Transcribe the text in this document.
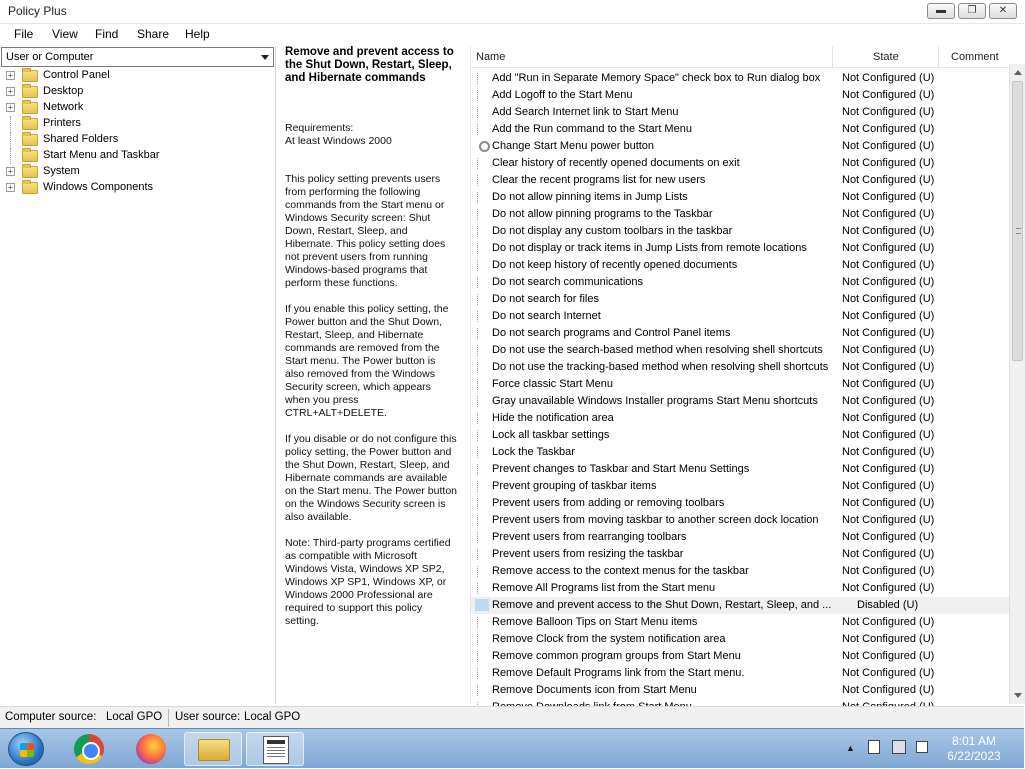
Policy Plus	▬	❐	✕
File View Find Share Help
User or Computer
+	Control Panel
+	Desktop
+	Network
Printers
Shared Folders
Start Menu and Taskbar
+	System
+	Windows Components
Remove and prevent access to the Shut Down, Restart, Sleep, and Hibernate commands
Requirements:
At least Windows 2000
This policy setting prevents users from performing the following commands from the Start menu or Windows Security screen: Shut Down, Restart, Sleep, and Hibernate. This policy setting does not prevent users from running Windows-based programs that perform these functions.
If you enable this policy setting, the Power button and the Shut Down, Restart, Sleep, and Hibernate commands are removed from the Start menu. The Power button is also removed from the Windows Security screen, which appears when you press CTRL+ALT+DELETE.
If you disable or do not configure this policy setting, the Power button and the Shut Down, Restart, Sleep, and Hibernate commands are available on the Start menu. The Power button on the Windows Security screen is also available.
Note: Third-party programs certified as compatible with Microsoft Windows Vista, Windows XP SP2, Windows XP SP1, Windows XP, or Windows 2000 Professional are required to support this policy setting.
Name	State	Comment
Add "Run in Separate Memory Space" check box to Run dialog box Not Configured (U)
Add Logoff to the Start Menu	Not Configured (U)
Add Search Internet link to Start Menu	Not Configured (U)
Add the Run command to the Start Menu	Not Configured (U)
Change Start Menu power button	Not Configured (U)
Clear history of recently opened documents on exit	Not Configured (U)
Clear the recent programs list for new users	Not Configured (U)
Do not allow pinning items in Jump Lists	Not Configured (U)
Do not allow pinning programs to the Taskbar	Not Configured (U)
Do not display any custom toolbars in the taskbar	Not Configured (U)
Do not display or track items in Jump Lists from remote locations	Not Configured (U)
Do not keep history of recently opened documents	Not Configured (U)
Do not search communications	Not Configured (U)
Do not search for files	Not Configured (U)
Do not search Internet	Not Configured (U)
Do not search programs and Control Panel items	Not Configured (U)
Do not use the search-based method when resolving shell shortcuts Not Configured (U)
Do not use the tracking-based method when resolving shell shortcuts Not Configured (U)
Force classic Start Menu	Not Configured (U)
Gray unavailable Windows Installer programs Start Menu shortcuts Not Configured (U)
Hide the notification area	Not Configured (U)
Lock all taskbar settings	Not Configured (U)
Lock the Taskbar	Not Configured (U)
Prevent changes to Taskbar and Start Menu Settings	Not Configured (U)
Prevent grouping of taskbar items	Not Configured (U)
Prevent users from adding or removing toolbars	Not Configured (U)
Prevent users from moving taskbar to another screen dock location Not Configured (U)
Prevent users from rearranging toolbars	Not Configured (U)
Prevent users from resizing the taskbar	Not Configured (U)
Remove access to the context menus for the taskbar	Not Configured (U)
Remove All Programs list from the Start menu	Not Configured (U)
Remove and prevent access to the Shut Down, Restart, Sleep, and ... Disabled (U)
Remove Balloon Tips on Start Menu items	Not Configured (U)
Remove Clock from the system notification area	Not Configured (U)
Remove common program groups from Start Menu	Not Configured (U)
Remove Default Programs link from the Start menu.	Not Configured (U)
Remove Documents icon from Start Menu	Not Configured (U)
Computer source: Local GPO User source: Local GPO
▲	8:01 AM
6/22/2023
